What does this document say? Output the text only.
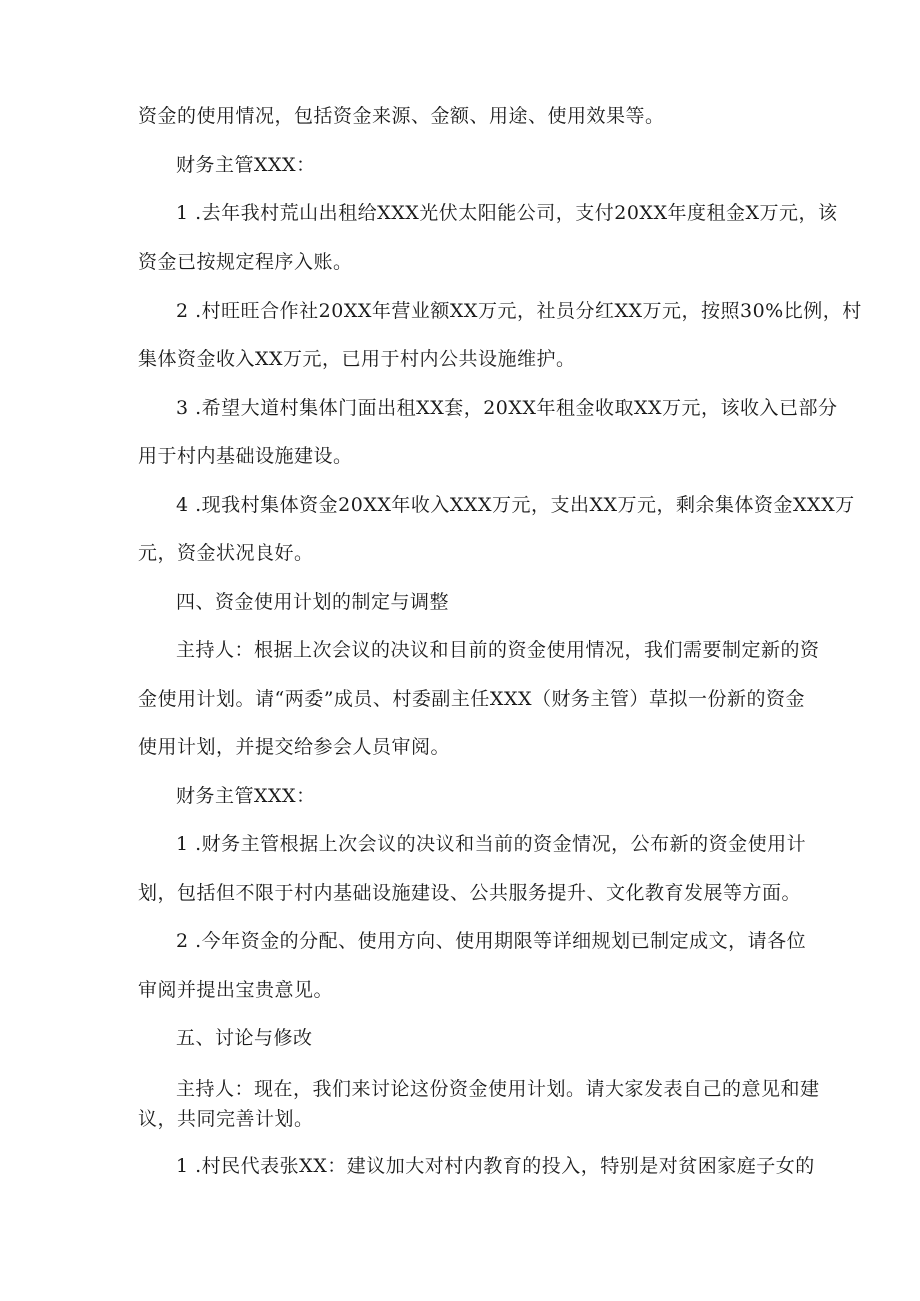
资金的使用情况，包括资金来源、金额、用途、使用效果等。
财务主管XXX：
1 .去年我村荒山出租给XXX光伏太阳能公司，支付20XX年度租金X万元，该
资金已按规定程序入账。
2 .村旺旺合作社20XX年营业额XX万元，社员分红XX万元，按照30%比例，村
集体资金收入XX万元，已用于村内公共设施维护。
3 .希望大道村集体门面出租XX套，20XX年租金收取XX万元，该收入已部分
用于村内基础设施建设。
4 .现我村集体资金20XX年收入XXX万元，支出XX万元，剩余集体资金XXX万
元，资金状况良好。
四、资金使用计划的制定与调整
主持人：根据上次会议的决议和目前的资金使用情况，我们需要制定新的资
金使用计划。请“两委”成员、村委副主任XXX（财务主管）草拟一份新的资金
使用计划，并提交给参会人员审阅。
财务主管XXX：
1 .财务主管根据上次会议的决议和当前的资金情况，公布新的资金使用计
划，包括但不限于村内基础设施建设、公共服务提升、文化教育发展等方面。
2 .今年资金的分配、使用方向、使用期限等详细规划已制定成文，请各位
审阅并提出宝贵意见。
五、讨论与修改
主持人：现在，我们来讨论这份资金使用计划。请大家发表自己的意见和建
议，共同完善计划。
1 .村民代表张XX：建议加大对村内教育的投入，特别是对贫困家庭子女的
